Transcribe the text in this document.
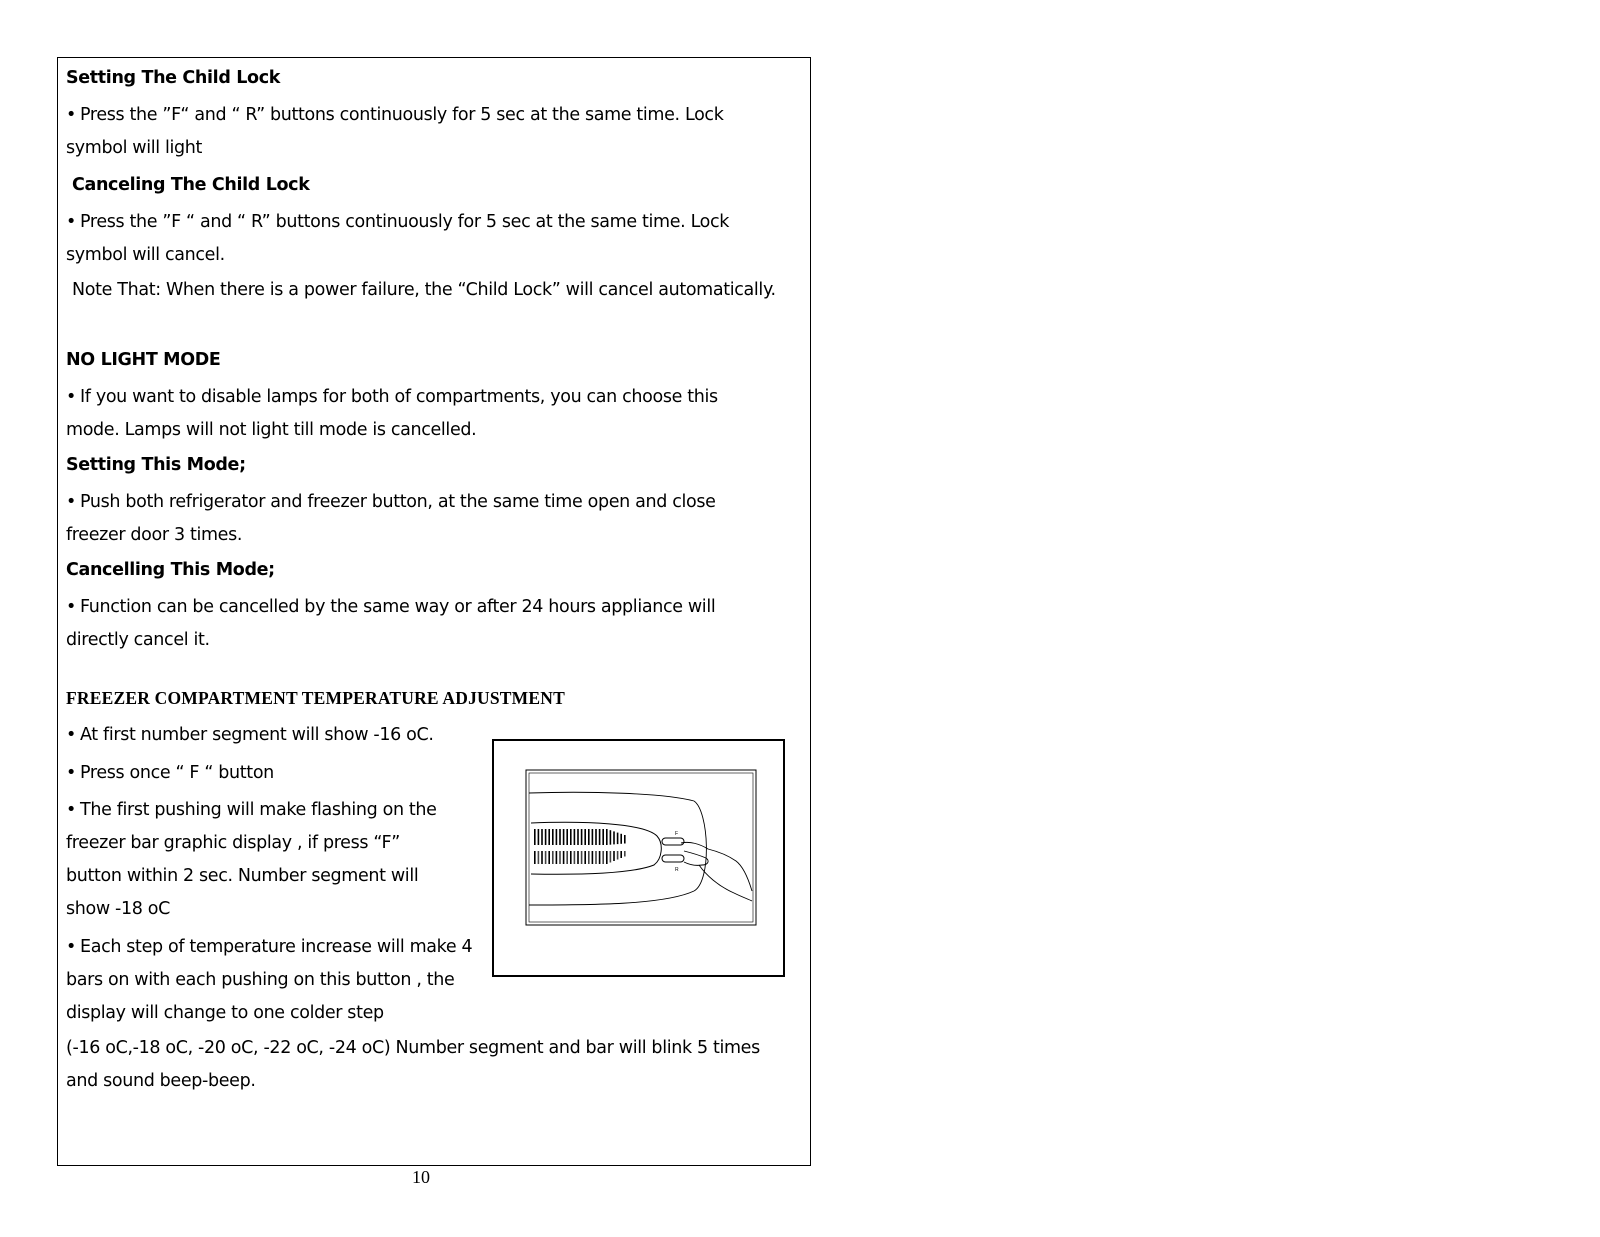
Setting The Child Lock
• Press the ”F“ and “ R” buttons continuously for 5 sec at the same time. Lock
symbol will light
Canceling The Child Lock
• Press the ”F “ and “ R” buttons continuously for 5 sec at the same time. Lock
symbol will cancel.
Note That: When there is a power failure, the “Child Lock” will cancel automatically.
NO LIGHT MODE
• If you want to disable lamps for both of compartments, you can choose this
mode. Lamps will not light till mode is cancelled.
Setting This Mode;
• Push both refrigerator and freezer button, at the same time open and close
freezer door 3 times.
Cancelling This Mode;
• Function can be cancelled by the same way or after 24 hours appliance will
directly cancel it.
FREEZER COMPARTMENT TEMPERATURE ADJUSTMENT
• At first number segment will show -16 oC.
• Press once “ F “ button
• The first pushing will make flashing on the
freezer bar graphic display , if press “F”
button within 2 sec. Number segment will
show -18 oC
• Each step of temperature increase will make 4
bars on with each pushing on this button , the
display will change to one colder step
(-16 oC,-18 oC, -20 oC, -22 oC, -24 oC) Number segment and bar will blink 5 times
and sound beep-beep.
F
R
10
